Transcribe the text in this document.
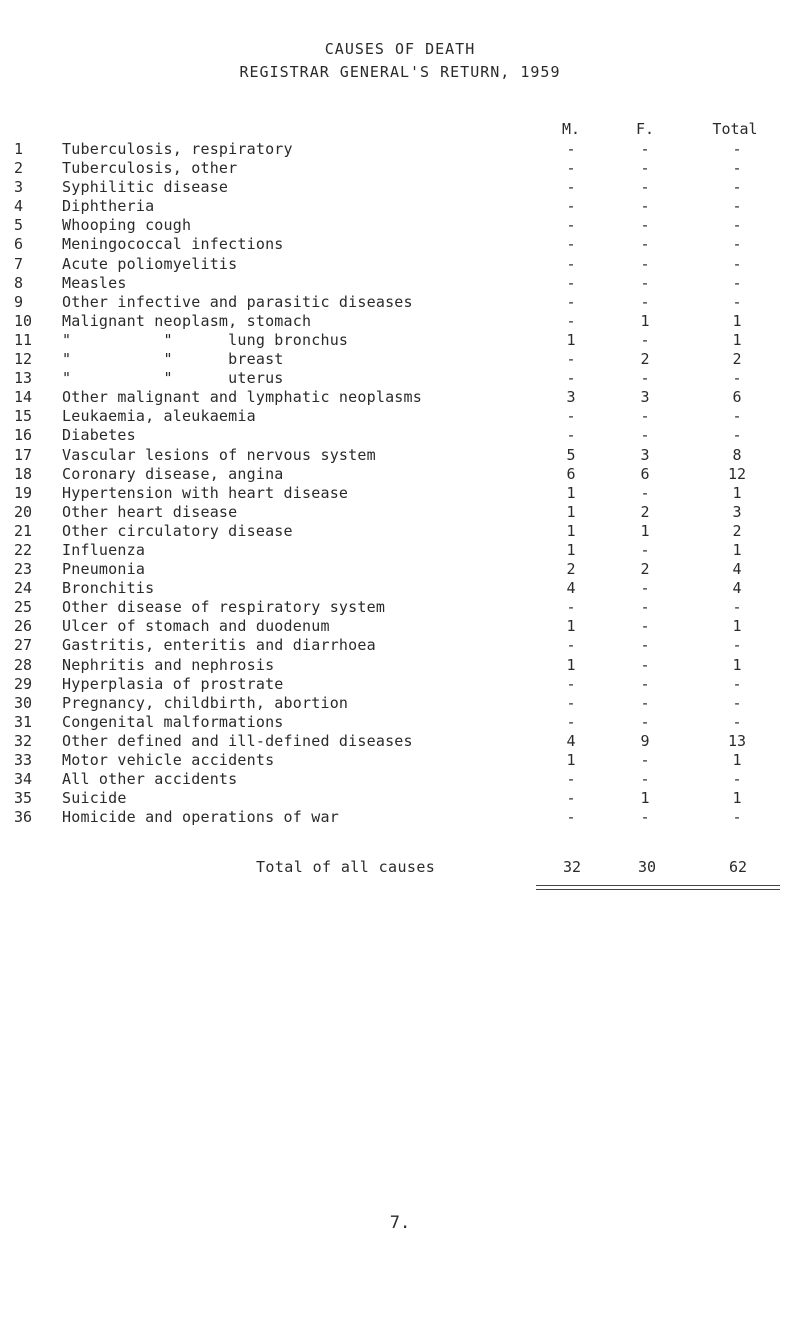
CAUSES OF DEATH
REGISTRAR GENERAL'S RETURN, 1959
M.	F.	Total
1	Tuberculosis, respiratory	-	-	-
2	Tuberculosis, other	-	-	-
3	Syphilitic disease	-	-	-
4	Diphtheria	-	-	-
5	Whooping cough	-	-	-
6	Meningococcal infections	-	-	-
7	Acute poliomyelitis	-	-	-
8	Measles	-	-	-
9	Other infective and parasitic diseases	-	-	-
10	Malignant neoplasm, stomach	-	1	1
11	"          "      lung bronchus	1	-	1
12	"          "      breast	-	2	2
13	"          "      uterus	-	-	-
14	Other malignant and lymphatic neoplasms	3	3	6
15	Leukaemia, aleukaemia	-	-	-
16	Diabetes	-	-	-
17	Vascular lesions of nervous system	5	3	8
18	Coronary disease, angina	6	6	12
19	Hypertension with heart disease	1	-	1
20	Other heart disease	1	2	3
21	Other circulatory disease	1	1	2
22	Influenza	1	-	1
23	Pneumonia	2	2	4
24	Bronchitis	4	-	4
25	Other disease of respiratory system	-	-	-
26	Ulcer of stomach and duodenum	1	-	1
27	Gastritis, enteritis and diarrhoea	-	-	-
28	Nephritis and nephrosis	1	-	1
29	Hyperplasia of prostrate	-	-	-
30	Pregnancy, childbirth, abortion	-	-	-
31	Congenital malformations	-	-	-
32	Other defined and ill-defined diseases	4	9	13
33	Motor vehicle accidents	1	-	1
34	All other accidents	-	-	-
35	Suicide	-	1	1
36	Homicide and operations of war	-	-	-
Total of all causes	32	30	62
7.
